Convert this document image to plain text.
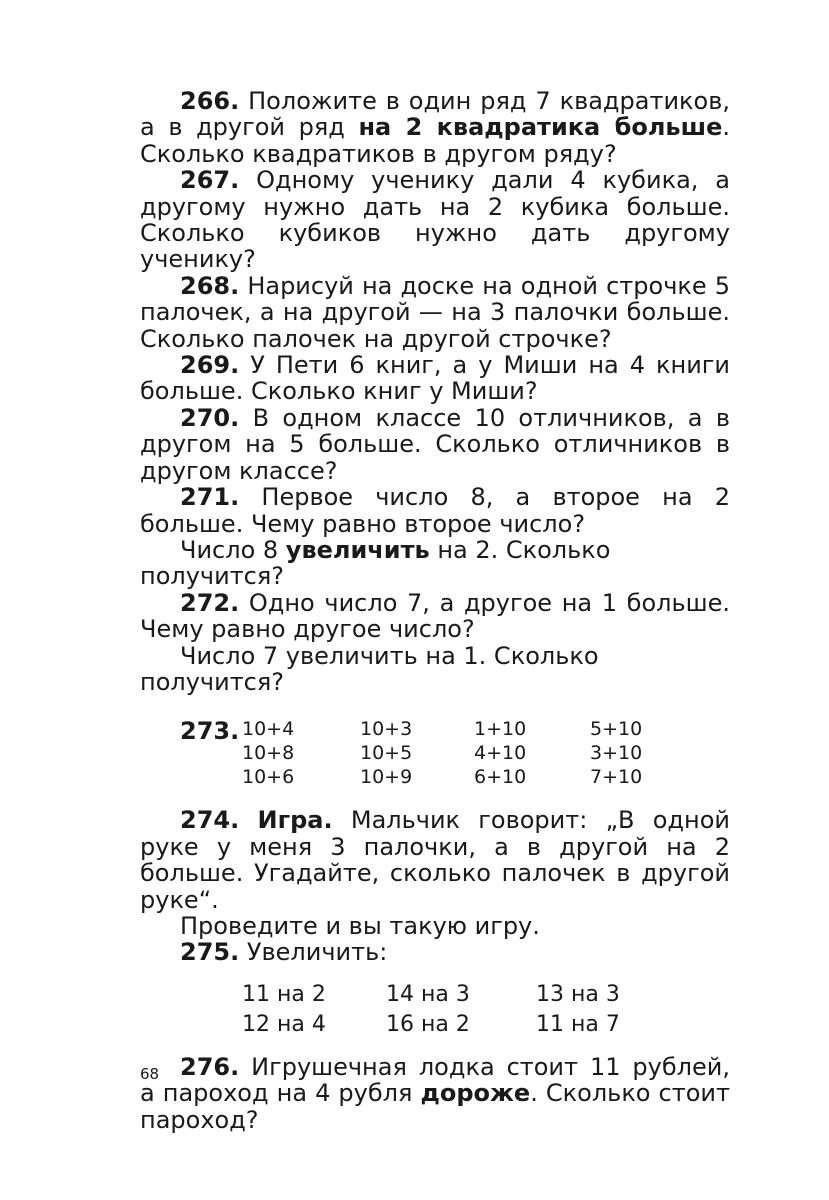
266. Положите в один ряд 7 квадратиков, а в другой ряд на 2 квадратика больше. Сколько квадратиков в другом ряду?

267. Одному ученику дали 4 кубика, а другому нужно дать на 2 кубика больше. Сколько кубиков нужно дать другому ученику?

268. Нарисуй на доске на одной строчке 5 палочек, а на другой — на 3 палочки больше. Сколько палочек на другой строчке?

269. У Пети 6 книг, а у Миши на 4 книги больше. Сколько книг у Миши?

270. В одном классе 10 отличников, а в другом на 5 больше. Сколько отличников в другом классе?

271. Первое число 8, а второе на 2 больше. Чему равно второе число?

Число 8 увеличить на 2. Сколько получится?

272. Одно число 7, а другое на 1 больше. Чему равно другое число?

Число 7 увеличить на 1. Сколько получится?

273. 10+4
10+8
10+6
10+3
10+5
10+9
1+10
4+10
6+10
5+10
3+10
7+10

274. Игра. Мальчик говорит: „В одной руке у меня 3 палочки, а в другой на 2 больше. Угадайте, сколько палочек в другой руке“.

Проведите и вы такую игру.

275. Увеличить:

11 на 2
12 на 4
14 на 3
16 на 2
13 на 3
11 на 7

276. Игрушечная лодка стоит 11 рублей, а пароход на 4 рубля дороже. Сколько стоит пароход?

68
